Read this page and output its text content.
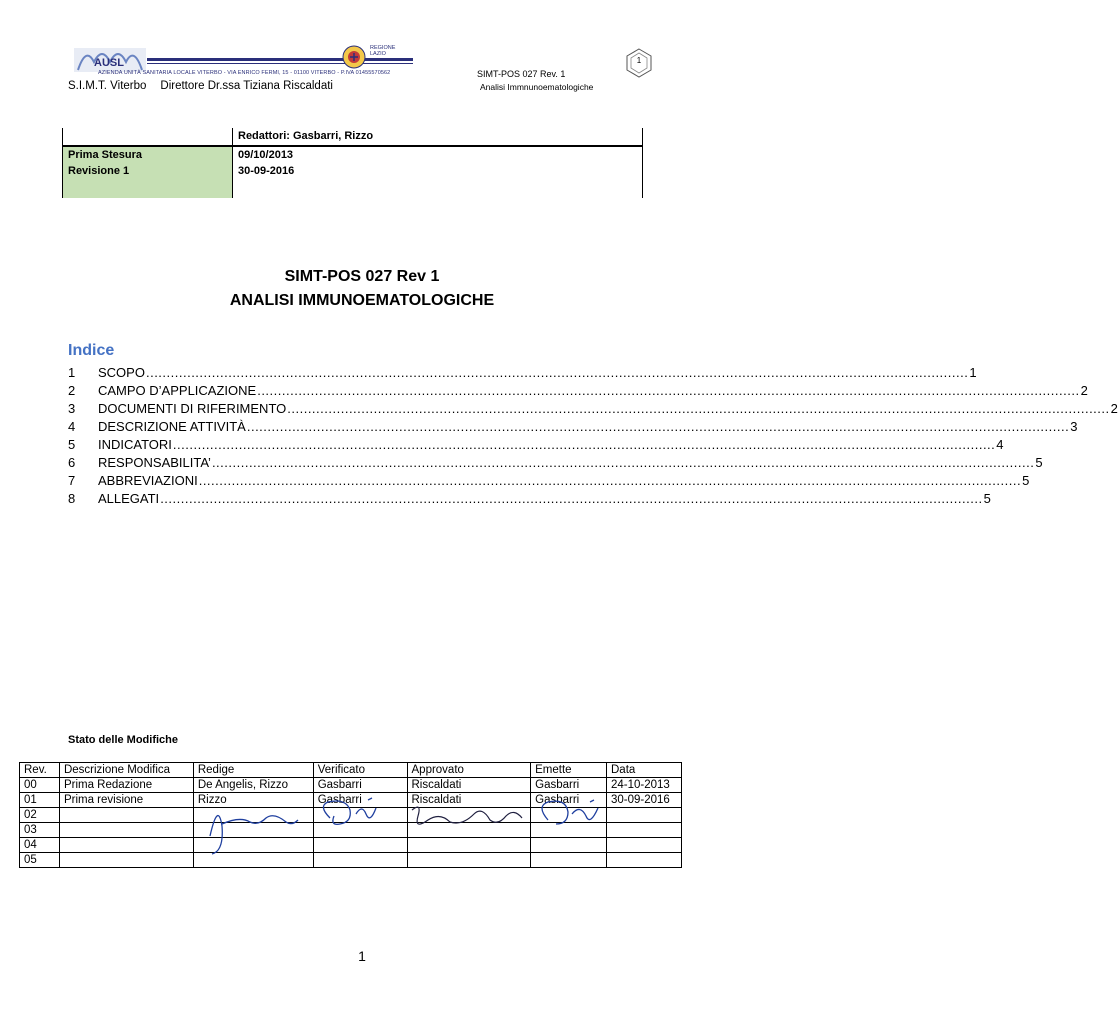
AUSL
REGIONE LAZIO
AZIENDA UNITÀ SANITARIA LOCALE VITERBO - VIA ENRICO FERMI, 15 - 01100 VITERBO - P.IVA 01455570562
S.I.M.T. Viterbo Direttore Dr.ssa Tiziana Riscaldati
SIMT-POS 027 Rev. 1
Analisi Immnunoematologiche
1
Redattori: Gasbarri, Rizzo
Prima Stesura	09/10/2013
Revisione 1	30-09-2016
SIMT-POS 027 Rev 1
ANALISI IMMUNOEMATOLOGICHE
Indice
1	SCOPO ........................................................................................................................................................................................................ 1
2	CAMPO D’APPLICAZIONE ........................................................................................................................................................................................................ 2
3	DOCUMENTI DI RIFERIMENTO ........................................................................................................................................................................................................ 2
4	DESCRIZIONE ATTIVITÀ ........................................................................................................................................................................................................ 3
5	INDICATORI ........................................................................................................................................................................................................ 4
6	RESPONSABILITA’ ........................................................................................................................................................................................................ 5
7	ABBREVIAZIONI ........................................................................................................................................................................................................ 5
8	ALLEGATI ........................................................................................................................................................................................................ 5
Stato delle Modifiche
Rev.	Descrizione Modifica	Redige	Verificato	Approvato	Emette	Data
00	Prima Redazione	De Angelis, Rizzo	Gasbarri	Riscaldati	Gasbarri	24-10-2013
01	Prima revisione	Rizzo	Gasbarri	Riscaldati	Gasbarri	30-09-2016
02						
03						
04						
05						
1
